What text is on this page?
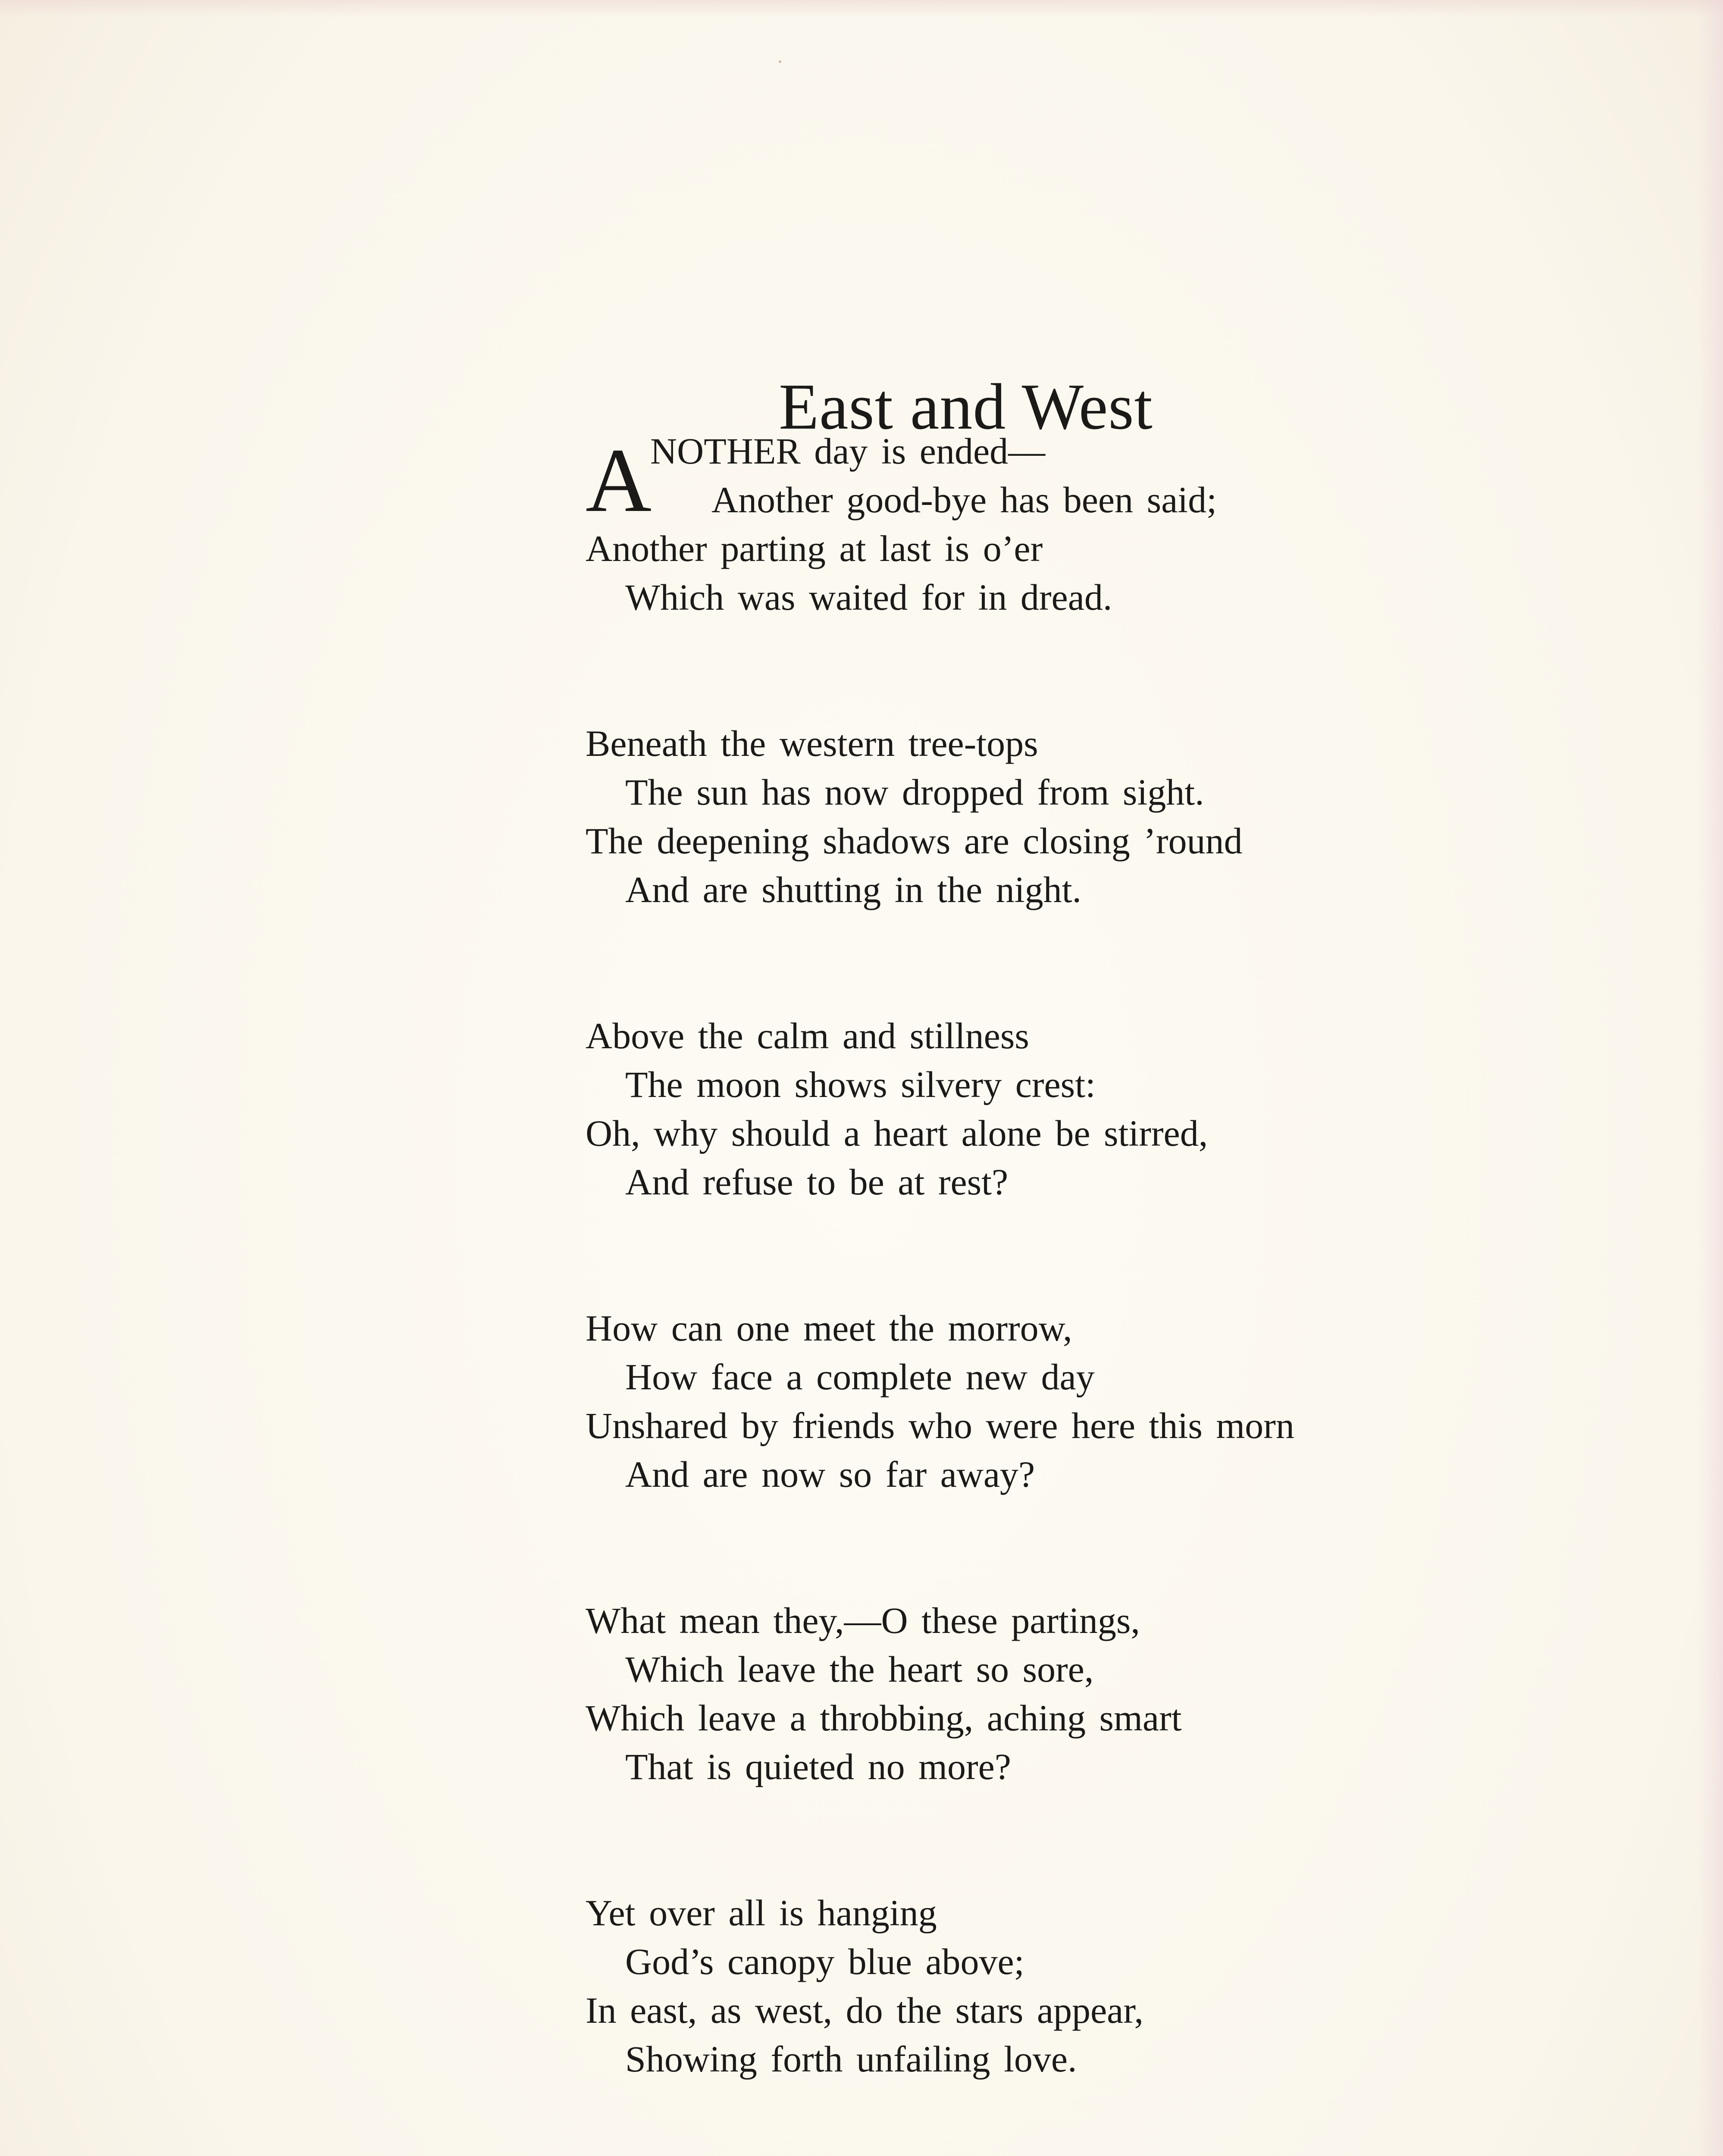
East and West
A
NOTHER day is ended—
Another good-bye has been said;
Another parting at last is o’er
Which was waited for in dread.
Beneath the western tree-tops
The sun has now dropped from sight.
The deepening shadows are closing ’round
And are shutting in the night.
Above the calm and stillness
The moon shows silvery crest:
Oh, why should a heart alone be stirred,
And refuse to be at rest?
How can one meet the morrow,
How face a complete new day
Unshared by friends who were here this morn
And are now so far away?
What mean they,—O these partings,
Which leave the heart so sore,
Which leave a throbbing, aching smart
That is quieted no more?
Yet over all is hanging
God’s canopy blue above;
In east, as west, do the stars appear,
Showing forth unfailing love.
